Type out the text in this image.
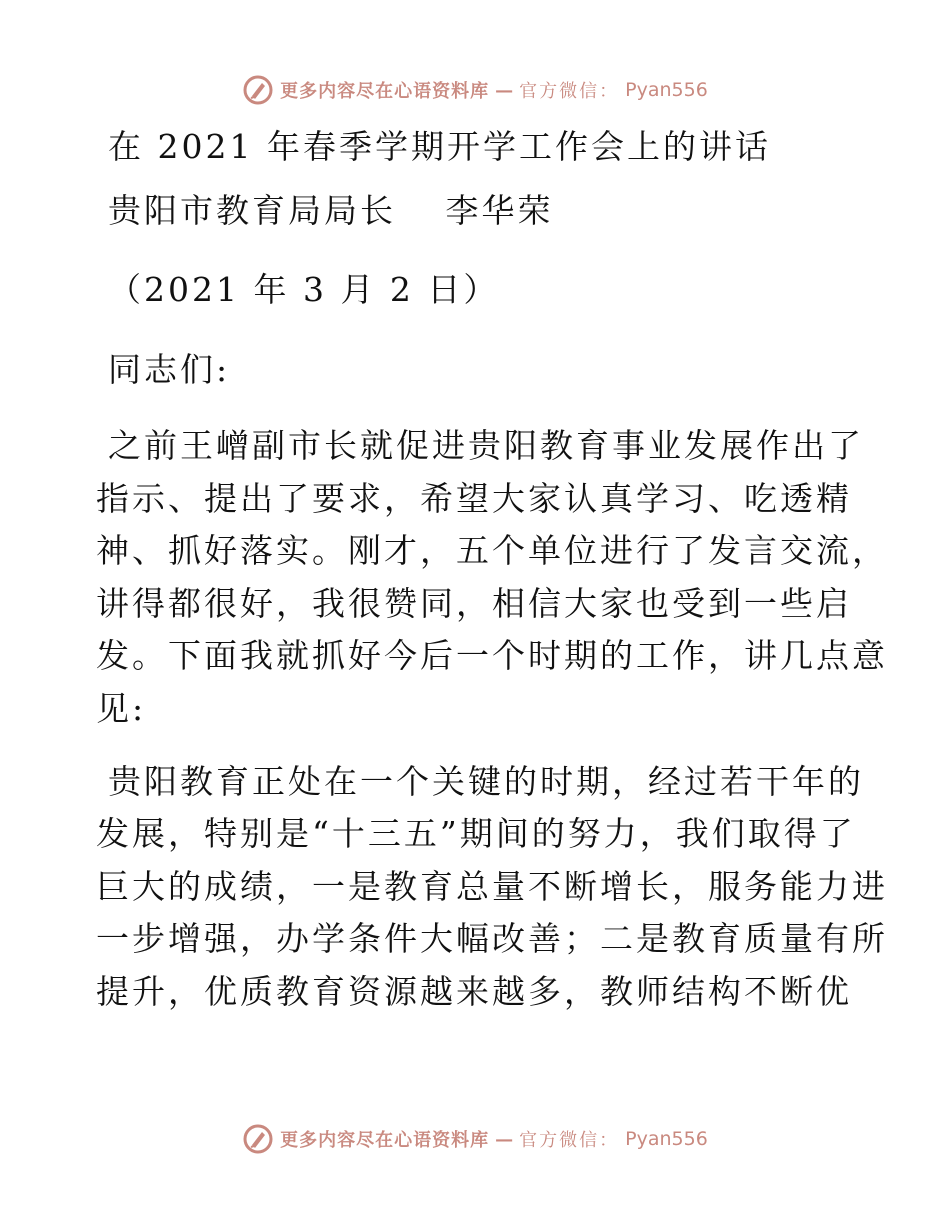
更多内容尽在心语资料库 — 官方微信： Pyan556
在 2021 年春季学期开学工作会上的讲话
贵阳市教育局局长　 李华荣
（2021 年 3 月 2 日）
同志们:
之前王嶒副市长就促进贵阳教育事业发展作出了
指示、提出了要求，希望大家认真学习、吃透精
神、抓好落实。刚才，五个单位进行了发言交流，
讲得都很好，我很赞同，相信大家也受到一些启
发。下面我就抓好今后一个时期的工作，讲几点意
见:
贵阳教育正处在一个关键的时期，经过若干年的
发展，特别是“十三五”期间的努力，我们取得了
巨大的成绩，一是教育总量不断增长，服务能力进
一步增强，办学条件大幅改善；二是教育质量有所
提升，优质教育资源越来越多，教师结构不断优
更多内容尽在心语资料库 — 官方微信： Pyan556
